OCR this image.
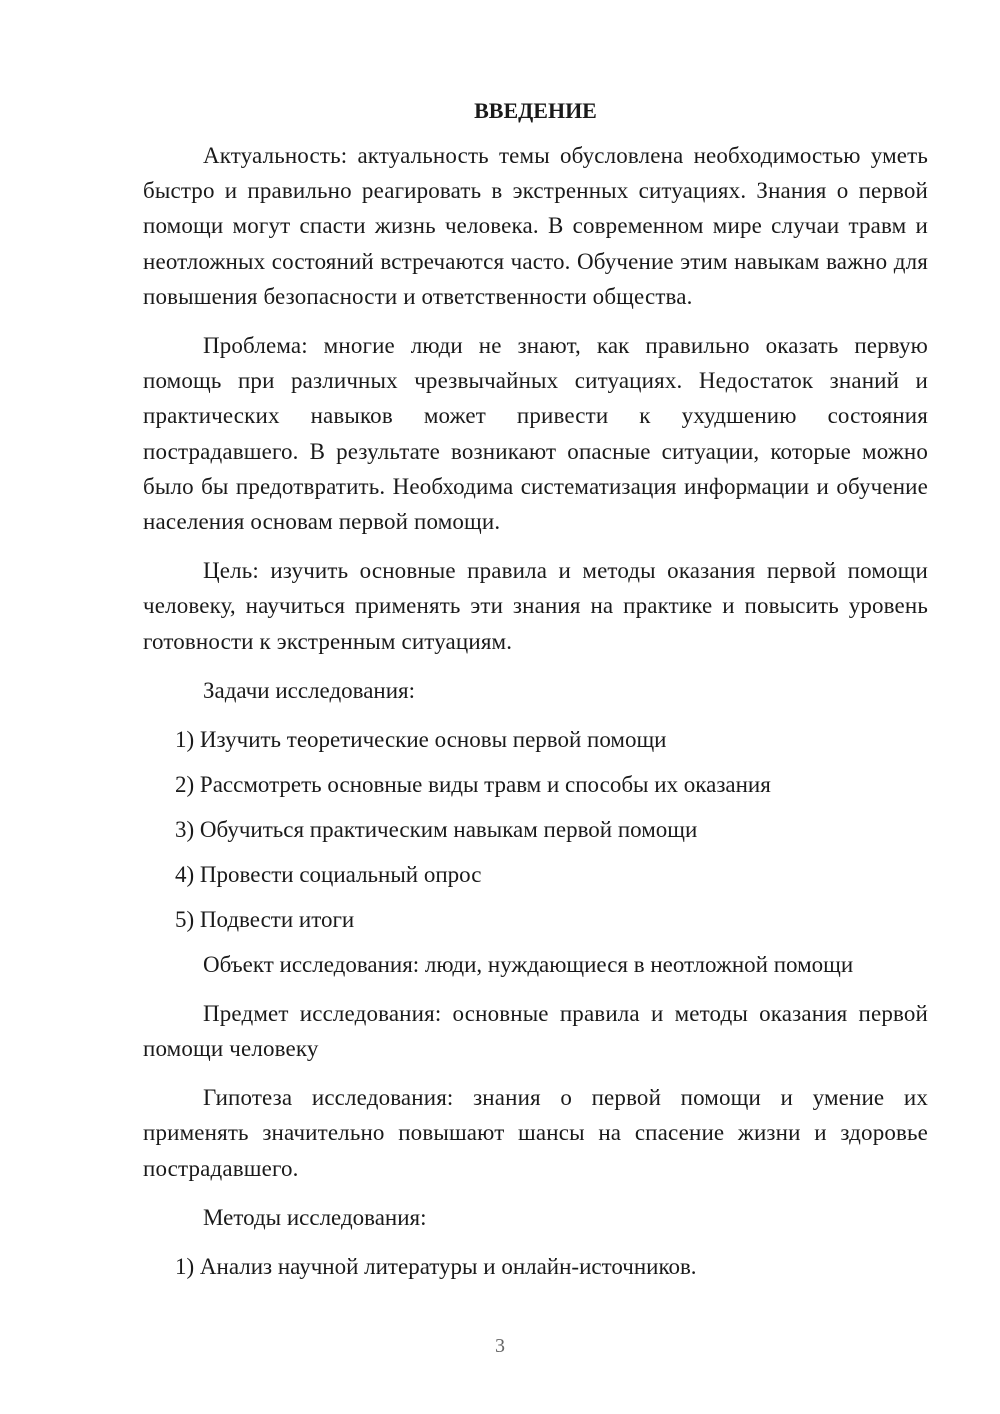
ВВЕДЕНИЕ

Актуальность: актуальность темы обусловлена необходимостью уметь быстро и правильно реагировать в экстренных ситуациях. Знания о первой помощи могут спасти жизнь человека. В современном мире случаи травм и неотложных состояний встречаются часто. Обучение этим навыкам важно для повышения безопасности и ответственности общества.

Проблема: многие люди не знают, как правильно оказать первую помощь при различных чрезвычайных ситуациях. Недостаток знаний и практических навыков может привести к ухудшению состояния пострадавшего. В результате возникают опасные ситуации, которые можно было бы предотвратить. Необходима систематизация информации и обучение населения основам первой помощи.

Цель: изучить основные правила и методы оказания первой помощи человеку, научиться применять эти знания на практике и повысить уровень готовности к экстренным ситуациям.

Задачи исследования:

1) Изучить теоретические основы первой помощи

2) Рассмотреть основные виды травм и способы их оказания

3) Обучиться практическим навыкам первой помощи

4) Провести социальный опрос

5) Подвести итоги

Объект исследования: люди, нуждающиеся в неотложной помощи

Предмет исследования: основные правила и методы оказания первой помощи человеку

Гипотеза исследования: знания о первой помощи и умение их применять значительно повышают шансы на спасение жизни и здоровье пострадавшего.

Методы исследования:

1) Анализ научной литературы и онлайн-источников.

3
